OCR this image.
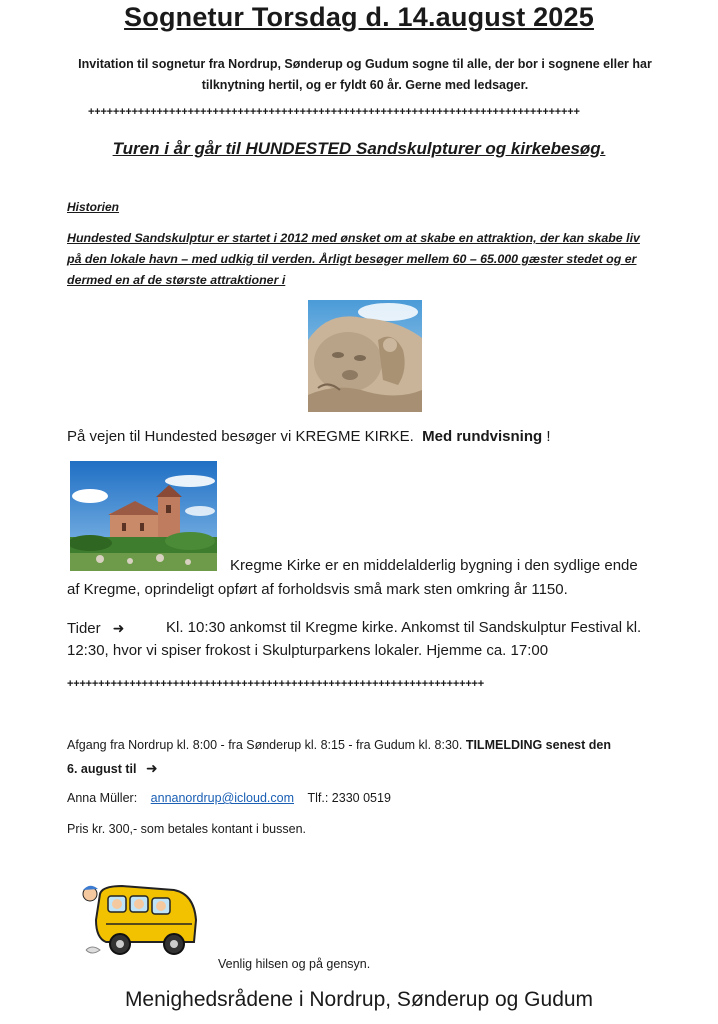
Sognetur Torsdag d. 14.august 2025
Invitation til sognetur fra Nordrup, Sønderup og Gudum sogne til alle, der bor i sognene eller har tilknytning hertil, og er fyldt 60 år. Gerne med ledsager.
+++++++++++++++++++++++++++++++++++++++++++++++++++++++++++++++++++++++++++++++
Turen i år går til HUNDESTED Sandskulpturer og kirkebesøg.
Historien
Hundested Sandskulptur er startet i 2012 med ønsket om at skabe en attraktion, der kan skabe liv på den lokale havn – med udkig til verden. Årligt besøger mellem 60 – 65.000 gæster stedet og er dermed en af de største attraktioner i
På vejen til Hundested besøger vi KREGME KIRKE. Med rundvisning !
Kregme Kirke er en middelalderlig bygning i den sydlige ende
af Kregme, oprindeligt opført af forholdsvis små mark sten omkring år 1150.
Tider ➜	Kl. 10:30 ankomst til Kregme kirke. Ankomst til Sandskulptur Festival kl.
12:30, hvor vi spiser frokost i Skulpturparkens lokaler. Hjemme ca. 17:00
+++++++++++++++++++++++++++++++++++++++++++++++++++++++++++++++++++
Afgang fra Nordrup kl. 8:00 - fra Sønderup kl. 8:15 - fra Gudum kl. 8:30. TILMELDING senest den
6. august til ➜
Anna Müller: annanordrup@icloud.com Tlf.: 2330 0519
Pris kr. 300,- som betales kontant i bussen.
Venlig hilsen og på gensyn.
Menighedsrådene i Nordrup, Sønderup og Gudum
